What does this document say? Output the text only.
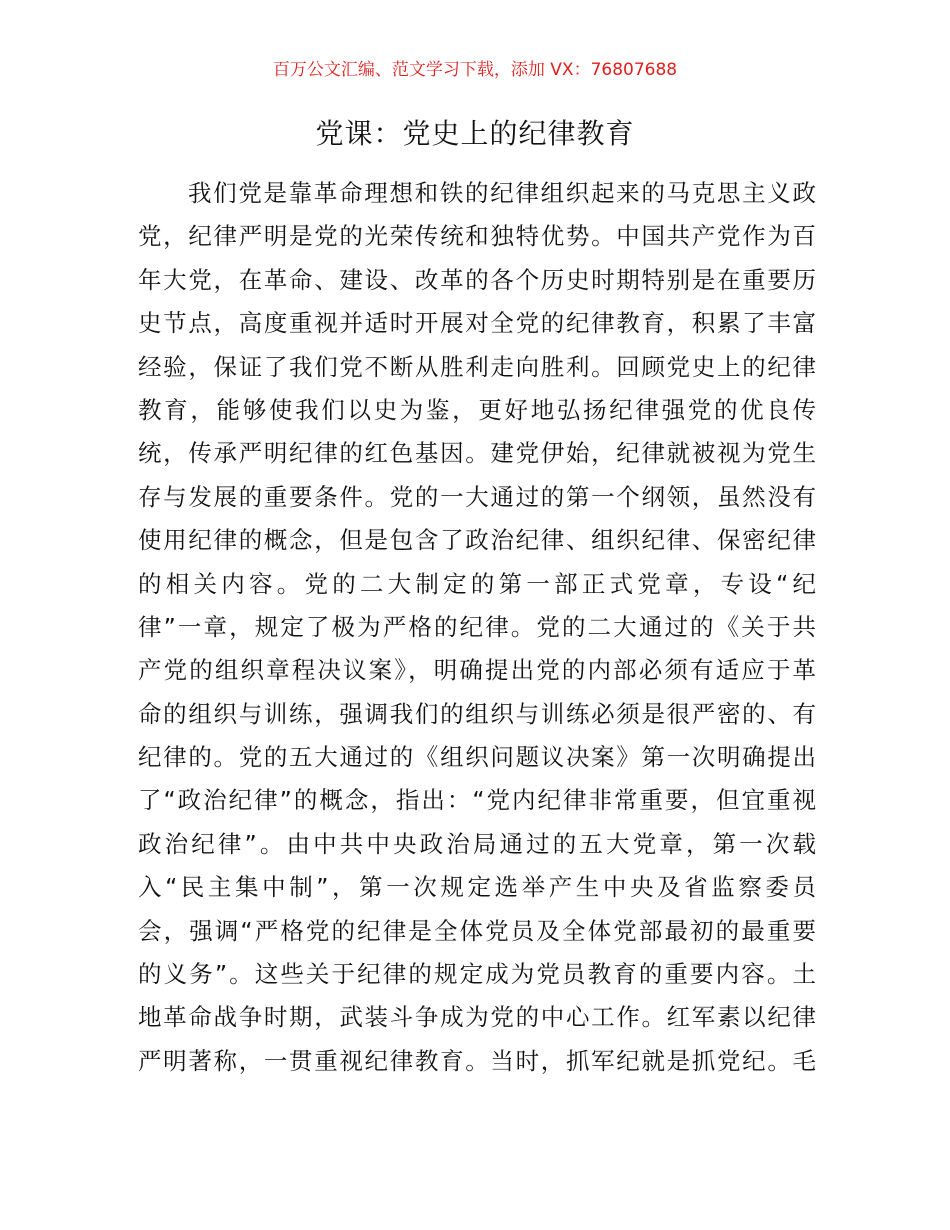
百万公文汇编、范文学习下载，添加 VX：76807688
党课：党史上的纪律教育
我们党是靠革命理想和铁的纪律组织起来的马克思主义政
党，纪律严明是党的光荣传统和独特优势。中国共产党作为百
年大党，在革命、建设、改革的各个历史时期特别是在重要历
史节点，高度重视并适时开展对全党的纪律教育，积累了丰富
经验，保证了我们党不断从胜利走向胜利。回顾党史上的纪律
教育，能够使我们以史为鉴，更好地弘扬纪律强党的优良传
统，传承严明纪律的红色基因。建党伊始，纪律就被视为党生
存与发展的重要条件。党的一大通过的第一个纲领，虽然没有
使用纪律的概念，但是包含了政治纪律、组织纪律、保密纪律
的相关内容。党的二大制定的第一部正式党章，专设“纪
律”一章，规定了极为严格的纪律。党的二大通过的《关于共
产党的组织章程决议案》，明确提出党的内部必须有适应于革
命的组织与训练，强调我们的组织与训练必须是很严密的、有
纪律的。党的五大通过的《组织问题议决案》第一次明确提出
了“政治纪律”的概念，指出：“党内纪律非常重要，但宜重视
政治纪律”。由中共中央政治局通过的五大党章，第一次载
入“民主集中制”，第一次规定选举产生中央及省监察委员
会，强调“严格党的纪律是全体党员及全体党部最初的最重要
的义务”。这些关于纪律的规定成为党员教育的重要内容。土
地革命战争时期，武装斗争成为党的中心工作。红军素以纪律
严明著称，一贯重视纪律教育。当时，抓军纪就是抓党纪。毛
